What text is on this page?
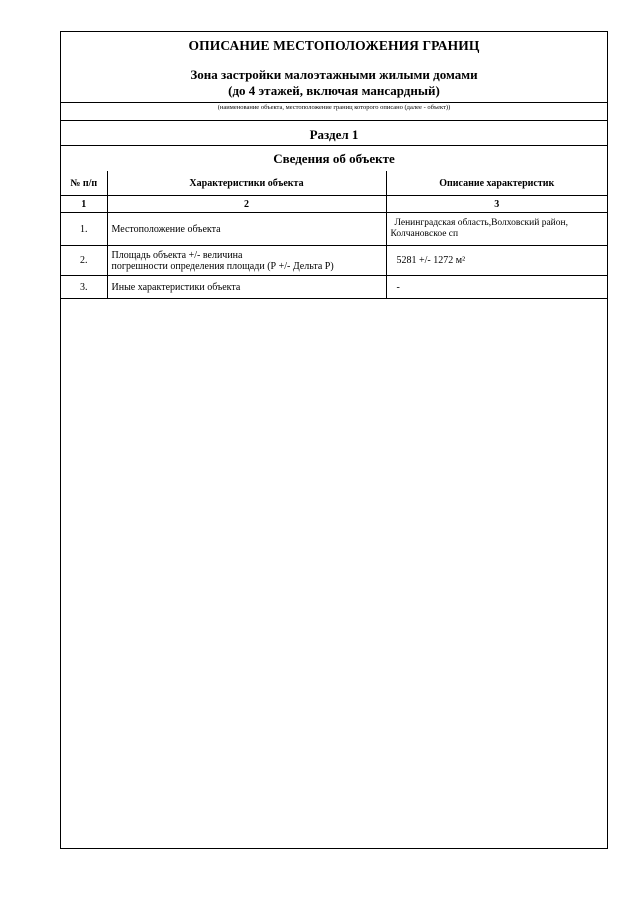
ОПИСАНИЕ МЕСТОПОЛОЖЕНИЯ ГРАНИЦ
Зона застройки малоэтажными жилыми домами
(до 4 этажей, включая мансардный)
(наименование объекта, местоположение границ которого описано (далее - объект))
Раздел 1
Сведения об объекте
№ п/п	Характеристики объекта	Описание характеристик
1	2	3
1.	Местоположение объекта	Ленинградская область,Волховский район,
Колчановское сп

2.	Площадь объекта +/- величина
погрешности определения площади (Р +/- Дельта Р)	5281 +/- 1272 м²
3.	Иные характеристики объекта	-
